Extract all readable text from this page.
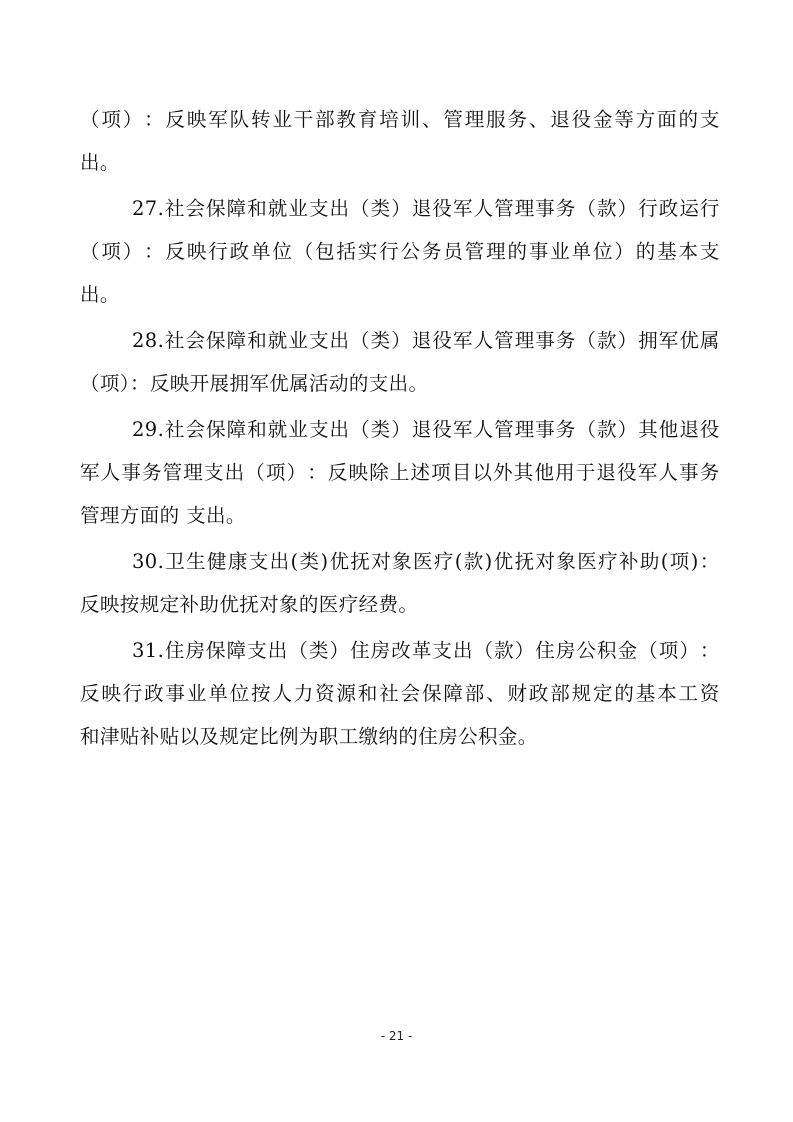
（ 项 ） ： 反 映 军 队 转 业 干 部 教 育 培 训 、 管 理 服 务 、 退 役 金 等 方 面 的 支
出。
27. 社 会 保 障 和 就 业 支 出 （ 类 ） 退 役 军 人 管 理 事 务 （ 款 ） 行 政 运 行
（ 项 ） ： 反 映 行 政 单 位 （ 包 括 实 行 公 务 员 管 理 的 事 业 单 位 ） 的 基 本 支
出。
28. 社 会 保 障 和 就 业 支 出 （ 类 ） 退 役 军 人 管 理 事 务 （ 款 ） 拥 军 优 属
（项）：反映开展拥军优属活动的支出。
29. 社 会 保 障 和 就 业 支 出 （ 类 ） 退 役 军 人 管 理 事 务 （ 款 ） 其 他 退 役
军 人 事 务 管 理 支 出 （ 项 ） ： 反 映 除 上 述 项 目 以 外 其 他 用 于 退 役 军 人 事 务
管理方面的 支出。
30. 卫 生 健 康 支 出 ( 类 ) 优 抚 对 象 医 疗 ( 款 ) 优 抚 对 象 医 疗 补 助 ( 项 ) ：
反映按规定补助优抚对象的医疗经费。
31. 住 房 保 障 支 出 （ 类 ） 住 房 改 革 支 出 （ 款 ） 住 房 公 积 金 （ 项 ） ：
反 映 行 政 事 业 单 位 按 人 力 资 源 和 社 会 保 障 部 、 财 政 部 规 定 的 基 本 工 资
和津贴补贴以及规定比例为职工缴纳的住房公积金。
- 21 -
